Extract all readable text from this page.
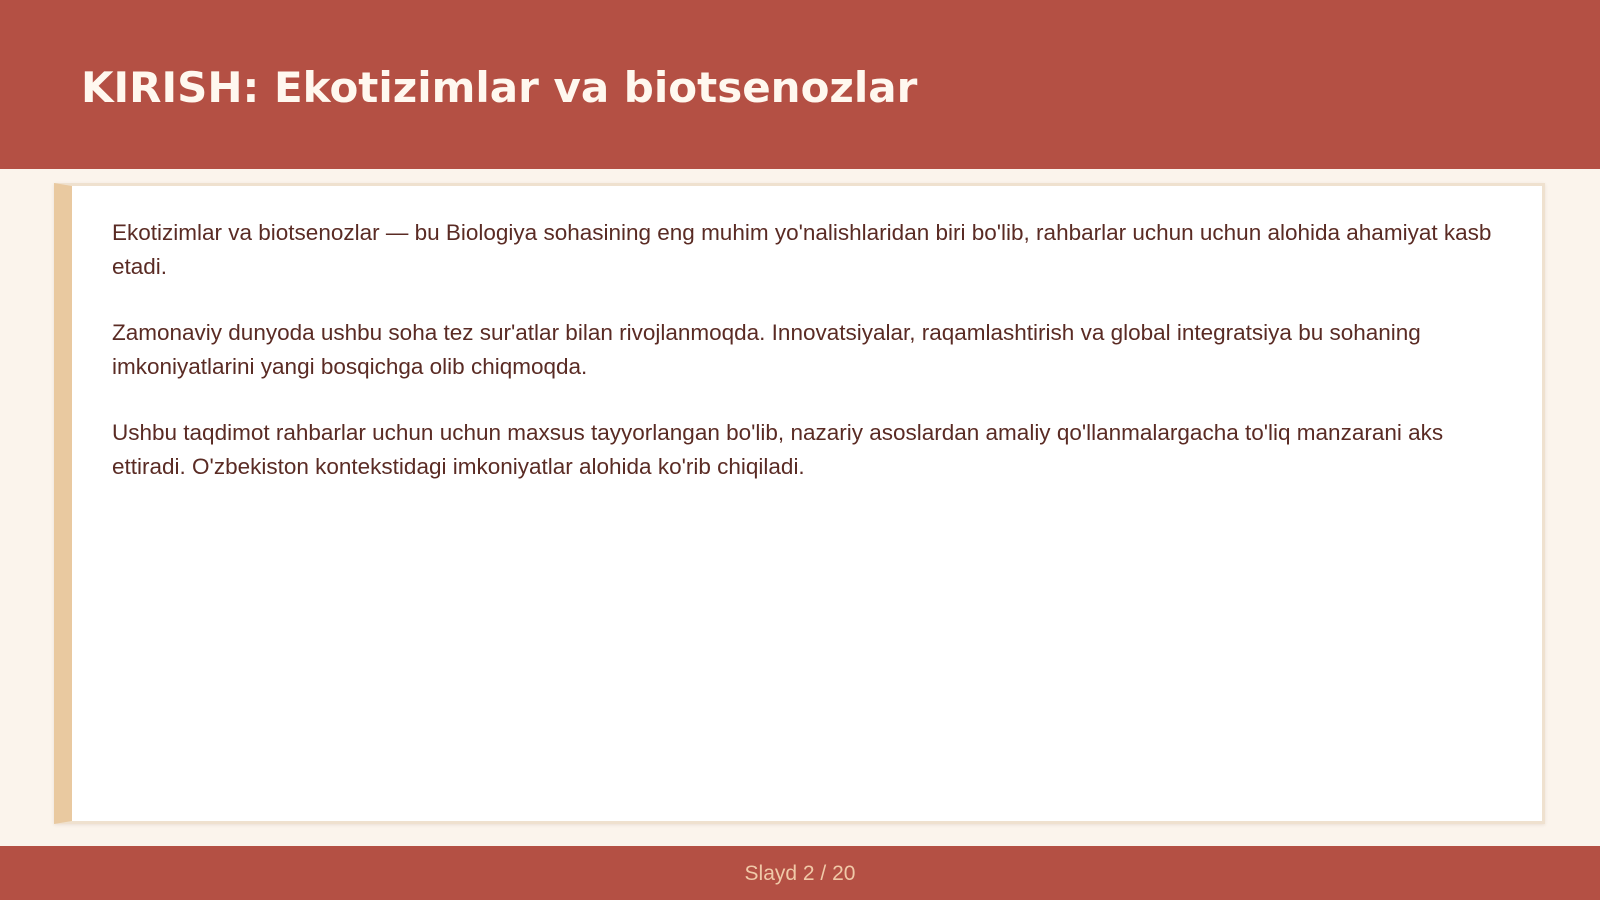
KIRISH: Ekotizimlar va biotsenozlar

Ekotizimlar va biotsenozlar — bu Biologiya sohasining eng muhim yo'nalishlaridan biri bo'lib, rahbarlar uchun uchun alohida ahamiyat kasb etadi.

Zamonaviy dunyoda ushbu soha tez sur'atlar bilan rivojlanmoqda. Innovatsiyalar, raqamlashtirish va global integratsiya bu sohaning imkoniyatlarini yangi bosqichga olib chiqmoqda.

Ushbu taqdimot rahbarlar uchun uchun maxsus tayyorlangan bo'lib, nazariy asoslardan amaliy qo'llanmalargacha to'liq manzarani aks ettiradi. O'zbekiston kontekstidagi imkoniyatlar alohida ko'rib chiqiladi.

Slayd 2 / 20
